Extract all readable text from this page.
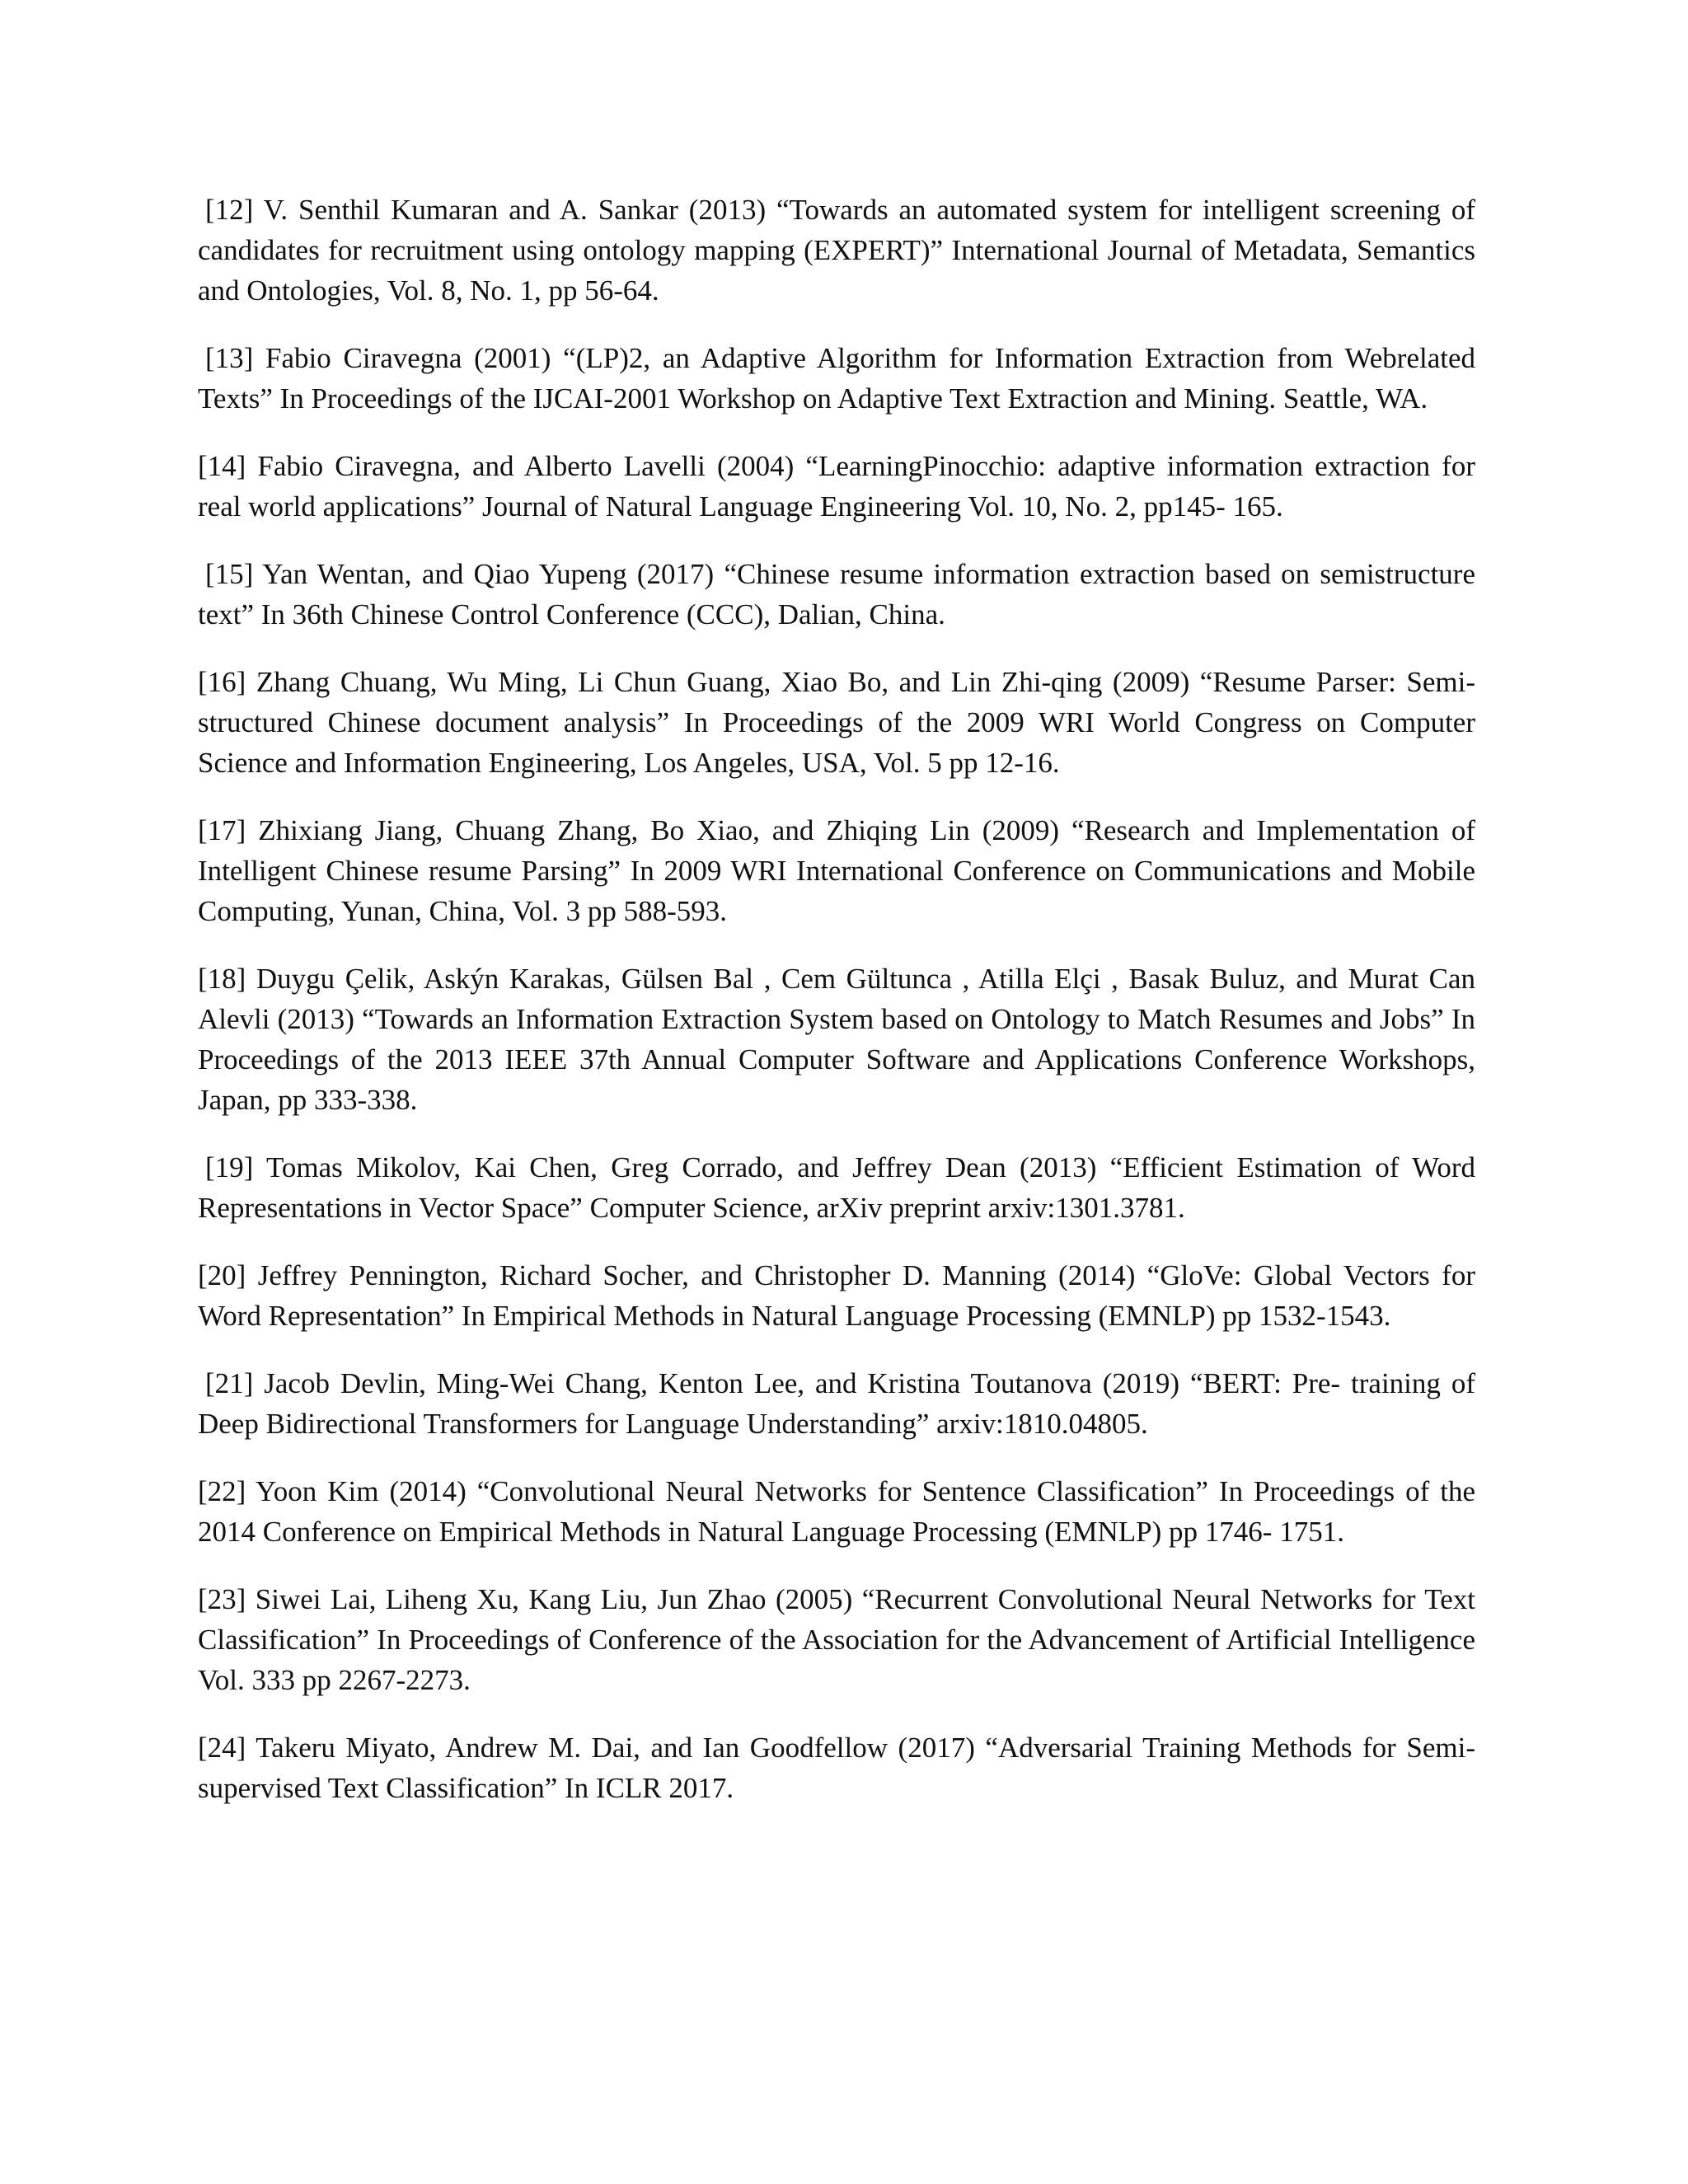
[12] V. Senthil Kumaran and A. Sankar (2013) “Towards an automated system for intelligent screening of candidates for recruitment using ontology mapping (EXPERT)” International Journal of Metadata, Semantics and Ontologies, Vol. 8, No. 1, pp 56-64.

[13] Fabio Ciravegna (2001) “(LP)2, an Adaptive Algorithm for Information Extraction from Webrelated Texts” In Proceedings of the IJCAI-2001 Workshop on Adaptive Text Extraction and Mining. Seattle, WA.

[14] Fabio Ciravegna, and Alberto Lavelli (2004) “LearningPinocchio: adaptive information extraction for real world applications” Journal of Natural Language Engineering Vol. 10, No. 2, pp145- 165.

[15] Yan Wentan, and Qiao Yupeng (2017) “Chinese resume information extraction based on semistructure text” In 36th Chinese Control Conference (CCC), Dalian, China.

[16] Zhang Chuang, Wu Ming, Li Chun Guang, Xiao Bo, and Lin Zhi-qing (2009) “Resume Parser: Semi-structured Chinese document analysis” In Proceedings of the 2009 WRI World Congress on Computer Science and Information Engineering, Los Angeles, USA, Vol. 5 pp 12-16.

[17] Zhixiang Jiang, Chuang Zhang, Bo Xiao, and Zhiqing Lin (2009) “Research and Implementation of Intelligent Chinese resume Parsing” In 2009 WRI International Conference on Communications and Mobile Computing, Yunan, China, Vol. 3 pp 588-593.

[18] Duygu Çelik, Askýn Karakas, Gülsen Bal , Cem Gültunca , Atilla Elçi , Basak Buluz, and Murat Can Alevli (2013) “Towards an Information Extraction System based on Ontology to Match Resumes and Jobs” In Proceedings of the 2013 IEEE 37th Annual Computer Software and Applications Conference Workshops, Japan, pp 333-338.

[19] Tomas Mikolov, Kai Chen, Greg Corrado, and Jeffrey Dean (2013) “Efficient Estimation of Word Representations in Vector Space” Computer Science, arXiv preprint arxiv:1301.3781.

[20] Jeffrey Pennington, Richard Socher, and Christopher D. Manning (2014) “GloVe: Global Vectors for Word Representation” In Empirical Methods in Natural Language Processing (EMNLP) pp 1532-1543.

[21] Jacob Devlin, Ming-Wei Chang, Kenton Lee, and Kristina Toutanova (2019) “BERT: Pre- training of Deep Bidirectional Transformers for Language Understanding” arxiv:1810.04805.

[22] Yoon Kim (2014) “Convolutional Neural Networks for Sentence Classification” In Proceedings of the 2014 Conference on Empirical Methods in Natural Language Processing (EMNLP) pp 1746- 1751.

[23] Siwei Lai, Liheng Xu, Kang Liu, Jun Zhao (2005) “Recurrent Convolutional Neural Networks for Text Classification” In Proceedings of Conference of the Association for the Advancement of Artificial Intelligence Vol. 333 pp 2267-2273.

[24] Takeru Miyato, Andrew M. Dai, and Ian Goodfellow (2017) “Adversarial Training Methods for Semi-supervised Text Classification” In ICLR 2017.
